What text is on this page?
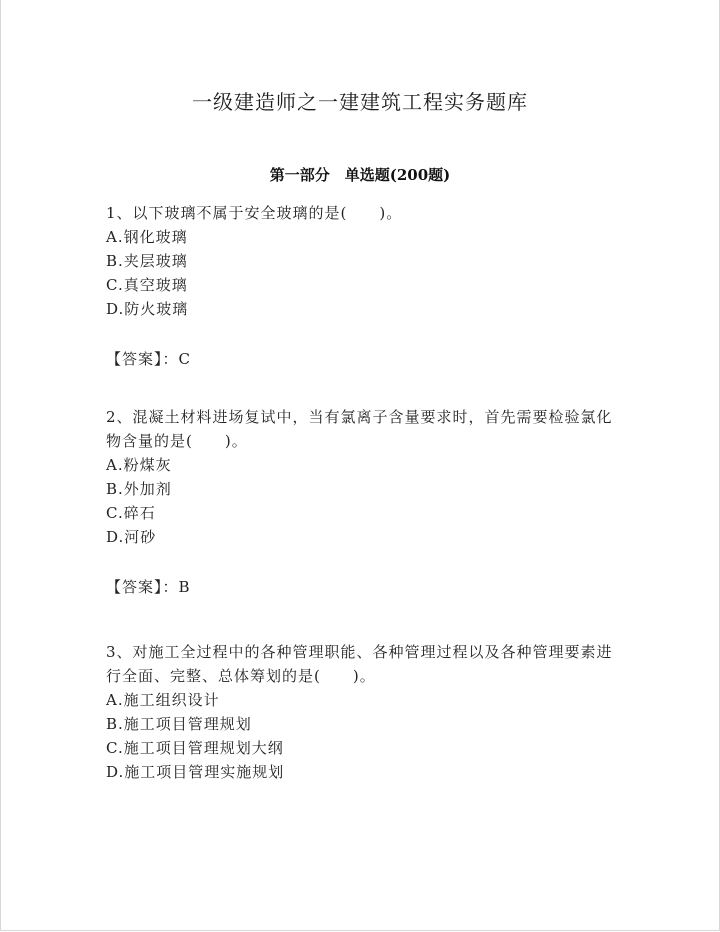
一级建造师之一建建筑工程实务题库
第一部分　单选题(200题)

1、以下玻璃不属于安全玻璃的是(　　)。

A.钢化玻璃
B.夹层玻璃
C.真空玻璃
D.防火玻璃
【答案】：C

2、混凝土材料进场复试中，当有氯离子含量要求时，首先需要检验氯化物含量的是(　　)。

A.粉煤灰
B.外加剂
C.碎石
D.河砂
【答案】：B

3、对施工全过程中的各种管理职能、各种管理过程以及各种管理要素进行全面、完整、总体筹划的是(　　)。

A.施工组织设计
B.施工项目管理规划
C.施工项目管理规划大纲
D.施工项目管理实施规划
